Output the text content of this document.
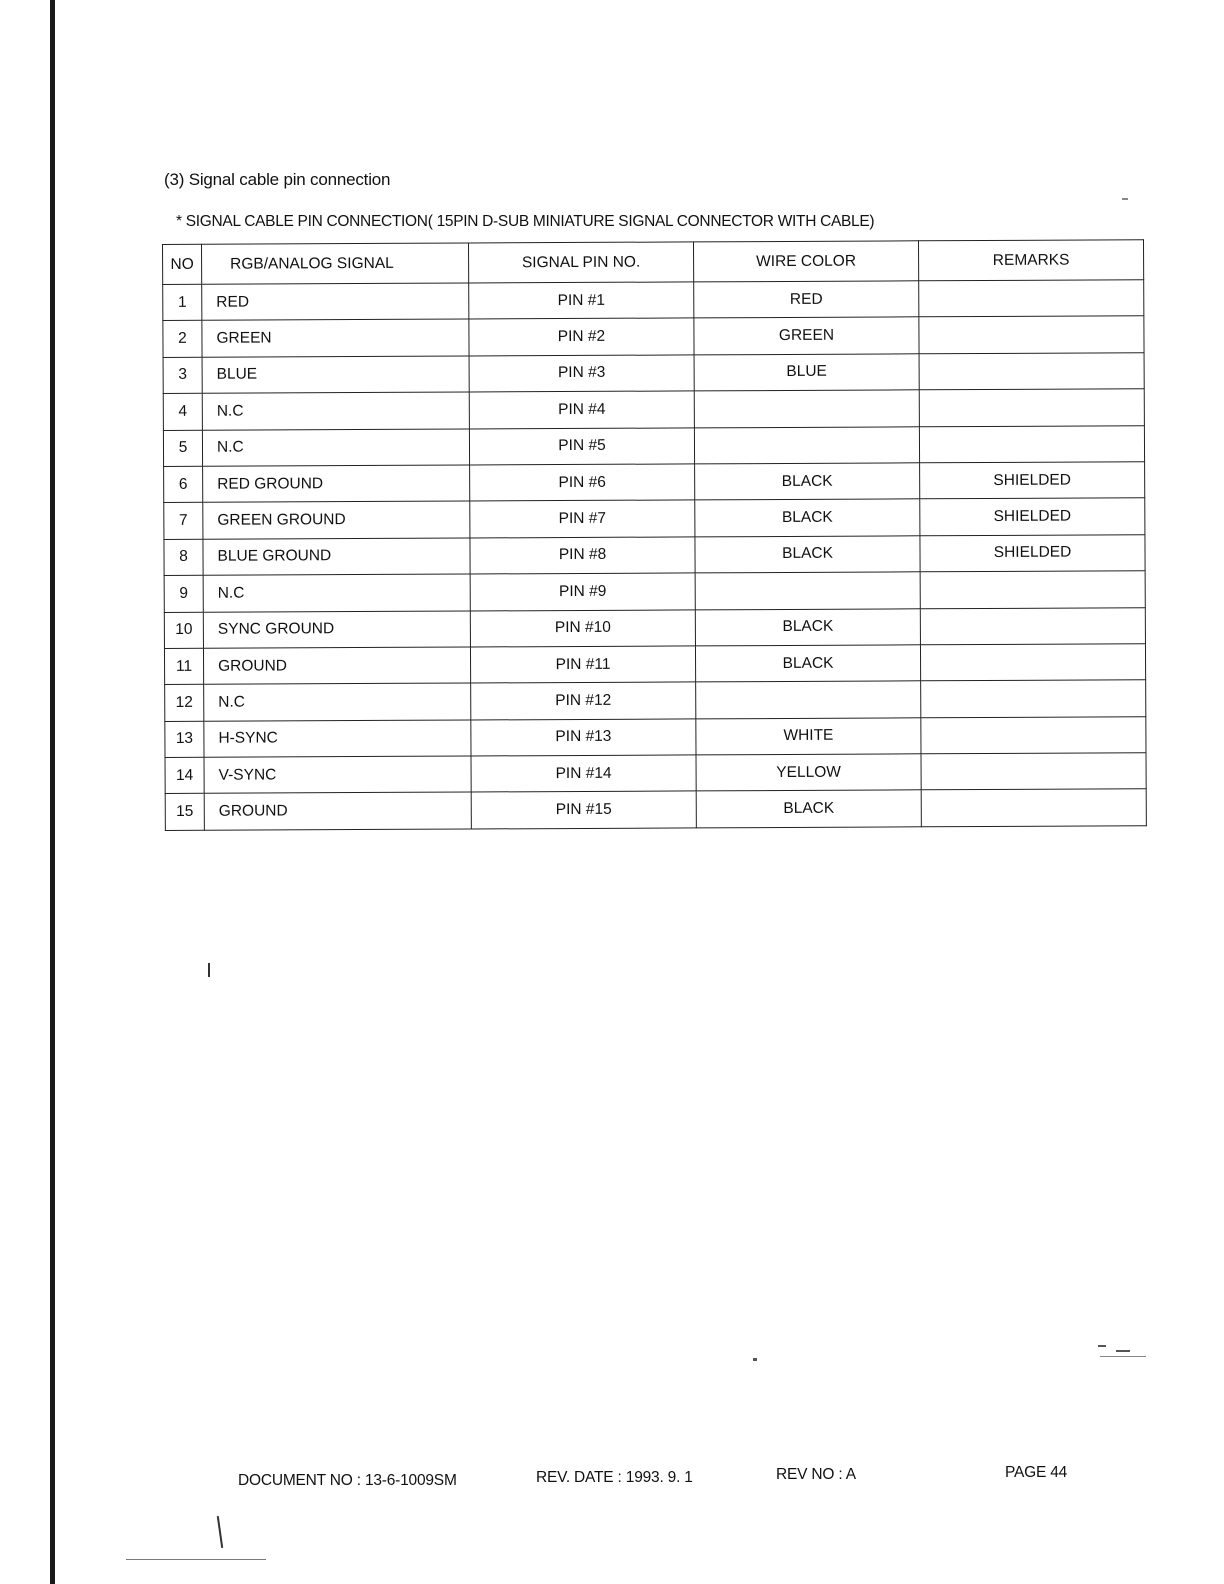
(3) Signal cable pin connection
* SIGNAL CABLE PIN CONNECTION( 15PIN D-SUB MINIATURE SIGNAL CONNECTOR WITH CABLE)
NO	RGB/ANALOG SIGNAL	SIGNAL PIN NO.	WIRE COLOR	REMARKS
1	RED	PIN #1	RED	
2	GREEN	PIN #2	GREEN	
3	BLUE	PIN #3	BLUE	
4	N.C	PIN #4		
5	N.C	PIN #5		
6	RED GROUND	PIN #6	BLACK	SHIELDED
7	GREEN GROUND	PIN #7	BLACK	SHIELDED
8	BLUE GROUND	PIN #8	BLACK	SHIELDED
9	N.C	PIN #9		
10	SYNC GROUND	PIN #10	BLACK	
11	GROUND	PIN #11	BLACK	
12	N.C	PIN #12		
13	H-SYNC	PIN #13	WHITE	
14	V-SYNC	PIN #14	YELLOW	
15	GROUND	PIN #15	BLACK	
DOCUMENT NO : 13-6-1009SM	REV. DATE : 1993. 9. 1	REV NO : A	PAGE 44
